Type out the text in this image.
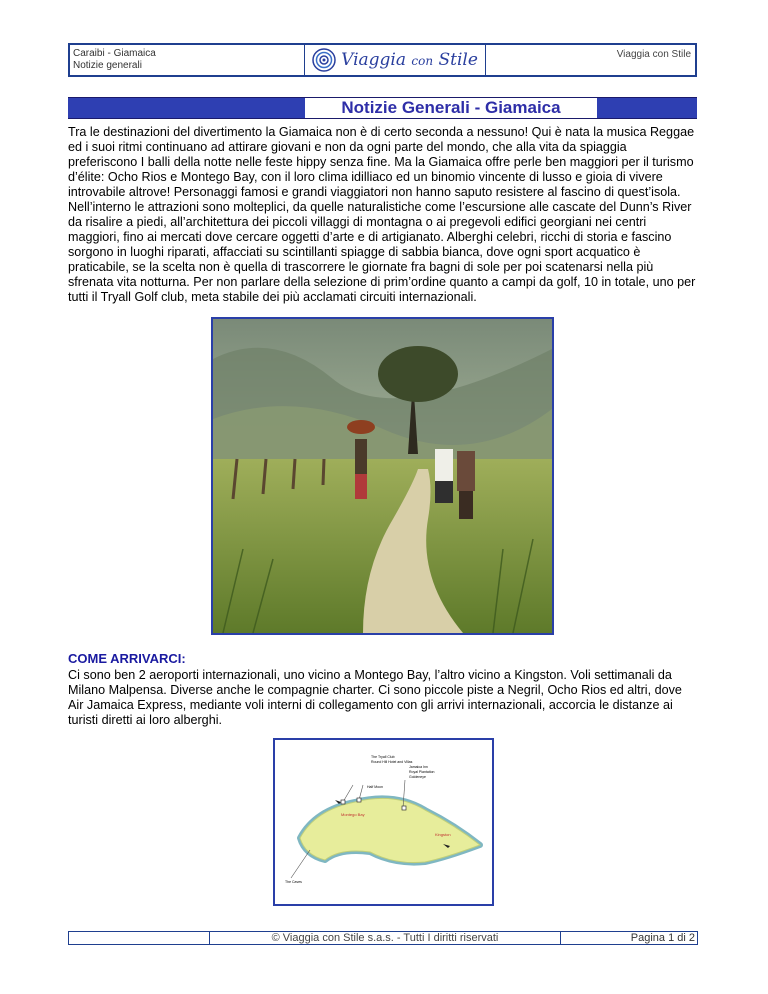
Caraibi - Giamaica
Notizie generali	Viaggia con Stile	Viaggia con Stile
Notizie Generali - Giamaica
Tra le destinazioni del divertimento la Giamaica non è di certo seconda a nessuno! Qui è nata la musica Reggae ed i suoi ritmi continuano ad attirare giovani e non da ogni parte del mondo, che alla vita da spiaggia preferiscono I balli della notte nelle feste hippy senza fine. Ma la Giamaica offre perle ben maggiori per il turismo d’élite: Ocho Rios e Montego Bay, con il loro clima idilliaco ed un binomio vincente di lusso e gioia di vivere introvabile altrove! Personaggi famosi e grandi viaggiatori non hanno saputo resistere al fascino di quest’isola. Nell’interno le attrazioni sono molteplici, da quelle naturalistiche come l’escursione alle cascate del Dunn’s River da risalire a piedi, all’architettura dei piccoli villaggi di montagna o ai pregevoli edifici georgiani nei centri maggiori, fino ai mercati dove cercare oggetti d’arte e di artigianato. Alberghi celebri, ricchi di storia e fascino sorgono in luoghi riparati, affacciati su scintillanti spiagge di sabbia bianca, dove ogni sport acquatico è praticabile, se la scelta non è quella di trascorrere le giornate fra bagni di sole per poi scatenarsi nella più sfrenata vita notturna. Per non parlare della selezione di prim’ordine quanto a campi da golf, 10 in totale, uno per tutti il Tryall Golf club, meta stabile dei più acclamati circuiti internazionali.
COME ARRIVARCI:
Ci sono ben 2 aeroporti internazionali, uno vicino a Montego Bay, l’altro vicino a Kingston. Voli settimanali da Milano Malpensa. Diverse anche le compagnie charter. Ci sono piccole piste a Negril, Ocho Rios ed altri, dove Air Jamaica Express, mediante voli interni di collegamento con gli arrivi internazionali, accorcia le distanze ai turisti diretti ai loro alberghi.
The Tryall Club
Round Hill Hotel and Villas
Half Moon
Jamaica Inn
Royal Plantation
Goldeneye
Montego Bay
Kingston
The Caves
© Viaggia con Stile s.a.s. - Tutti I diritti riservati	Pagina 1 di 2
